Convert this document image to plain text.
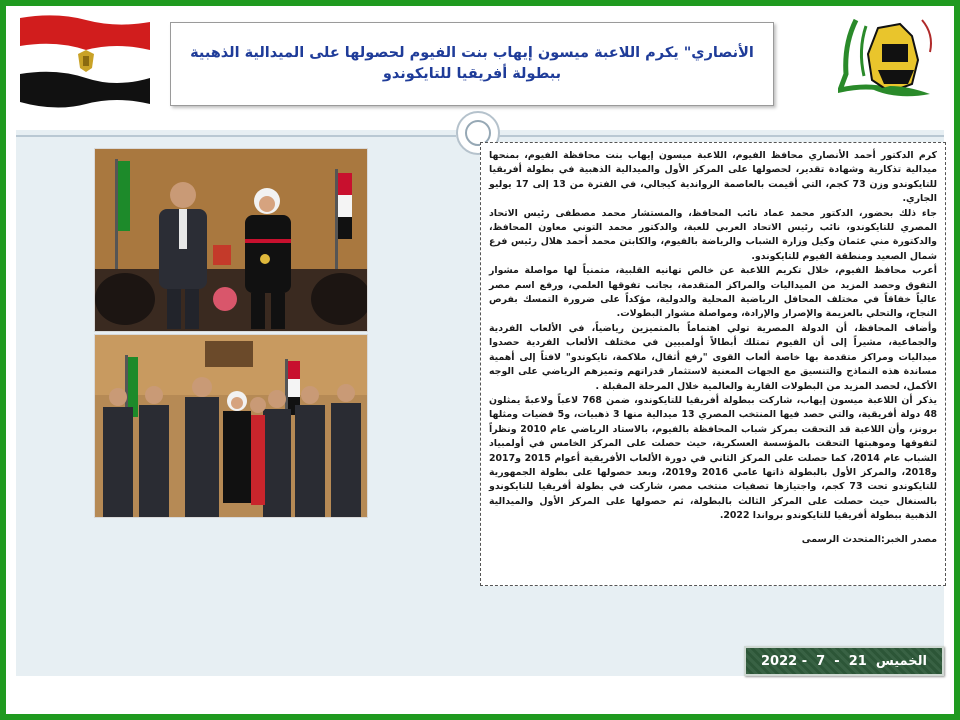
الأنصاري" يكرم اللاعبة ميسون إيهاب بنت الفيوم لحصولها على الميدالية الذهبية ببطولة أفريقيا للتايكوندو

كرم الدكتور أحمد الأنصاري محافظ الفيوم، اللاعبة ميسون إيهاب بنت محافظة الفيوم، بمنحها ميدالية تذكارية وشهادة تقدير، لحصولها على المركز الأول والميدالية الذهبية في بطولة أفريقيا للتايكوندو وزن 73 كجم، التي أقيمت بالعاصمة الرواندية كيجالي، في الفترة من 13 إلى 17 يوليو الجاري.

جاء ذلك بحضور، الدكتور محمد عماد نائب المحافظ، والمستشار محمد مصطفى رئيس الاتحاد المصري للتايكوندو، نائب رئيس الاتحاد العربي للعبة، والدكتور محمد التوني معاون المحافظ، والدكتورة مني عثمان وكيل وزارة الشباب والرياضة بالفيوم، والكابتن محمد أحمد هلال رئيس فرع شمال الصعيد ومنطقة الفيوم للتايكوندو.

أعرب محافظ الفيوم، خلال تكريم اللاعبة عن خالص تهانيه القلبية، متمنياً لها مواصلة مشوار التفوق وحصد المزيد من الميداليات والمراكز المتقدمة، بجانب تفوقها العلمي، ورفع اسم مصر عالياً خفاقاً في مختلف المحافل الرياضية المحلية والدولية، مؤكداً على ضرورة التمسك بفرص النجاح، والتحلي بالعزيمة والإصرار والإرادة، ومواصلة مشوار البطولات.

وأضاف المحافظ، أن الدولة المصرية تولي اهتماماً بالمتميزين رياضياً، في الألعاب الفردية والجماعية، مشيراً إلى أن الفيوم تمتلك أبطالاً أولمبيين في مختلف الألعاب الفردية حصدوا ميداليات ومراكز متقدمة بها خاصة ألعاب القوى "رفع أثقال، ملاكمة، تايكوندو" لافتاً إلى أهمية مساندة هذه النماذج والتنسيق مع الجهات المعنية لاستثمار قدراتهم وتميزهم الرياضي على الوجه الأكمل، لحصد المزيد من البطولات القارية والعالمية خلال المرحلة المقبلة .

يذكر أن اللاعبة ميسون إيهاب، شاركت ببطولة أفريقيا للتايكوندو، ضمن 768 لاعباً ولاعبةً يمثلون 48 دولة أفريقية، والتي حصد فيها المنتخب المصري 13 ميدالية منها 3 ذهبيات، و5 فضيات ومثلها برونز، وأن اللاعبة قد التحقت بمركز شباب المحافظة بالفيوم، بالاستاد الرياضي عام 2010 ونظراً لتفوقها وموهبتها التحقت بالمؤسسة العسكرية، حيث حصلت على المركز الخامس في أولمبياد الشباب عام 2014، كما حصلت على المركز الثاني في دورة الألعاب الأفريقية أعوام 2015 و2017 و2018، والمركز الأول بالبطولة ذاتها عامي 2016 و2019، وبعد حصولها على بطولة الجمهورية للتايكوندو تحت 73 كجم، واجتيازها تصفيات منتخب مصر، شاركت في بطولة أفريقيا للتايكوندو بالسنغال حيث حصلت على المركز الثالث بالبطولة، ثم حصولها على المركز الأول والميدالية الذهبية ببطولة أفريقيا للتايكوندو برواندا 2022.

مصدر الخبر:المتحدث الرسمى

الخميس  21  -  7  - 2022
